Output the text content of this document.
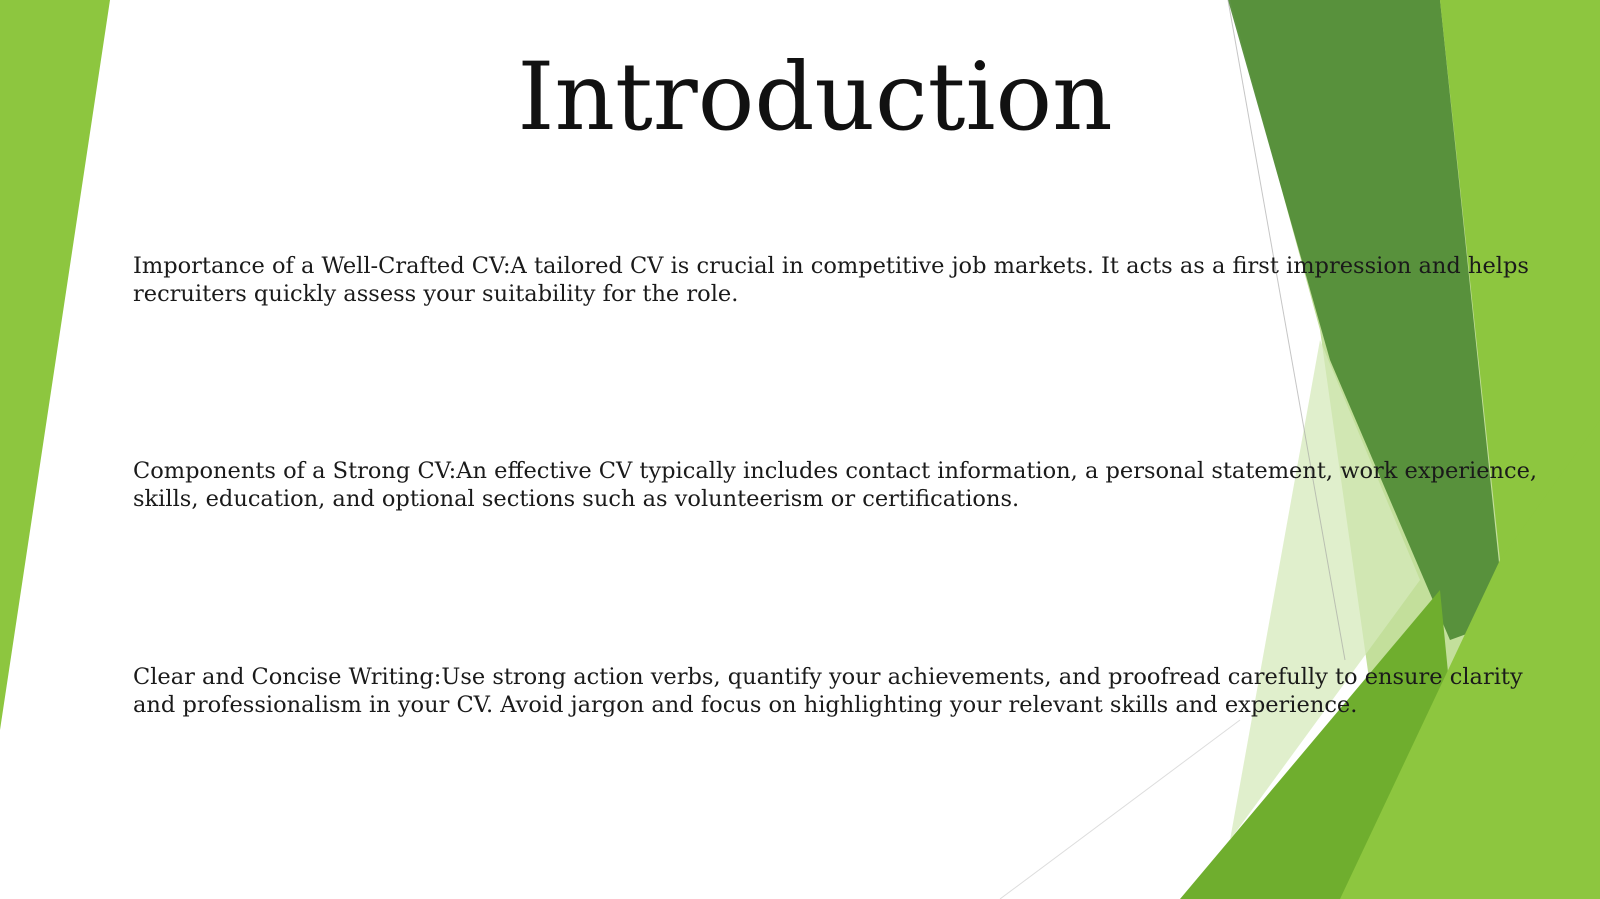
Introduction

Importance of a Well-Crafted CV:A tailored CV is crucial in competitive job markets. It acts as a first impression and helps recruiters quickly assess your suitability for the role.

Components of a Strong CV:An effective CV typically includes contact information, a personal statement, work experience, skills, education, and optional sections such as volunteerism or certifications.

Clear and Concise Writing:Use strong action verbs, quantify your achievements, and proofread carefully to ensure clarity and professionalism in your CV. Avoid jargon and focus on highlighting your relevant skills and experience.
